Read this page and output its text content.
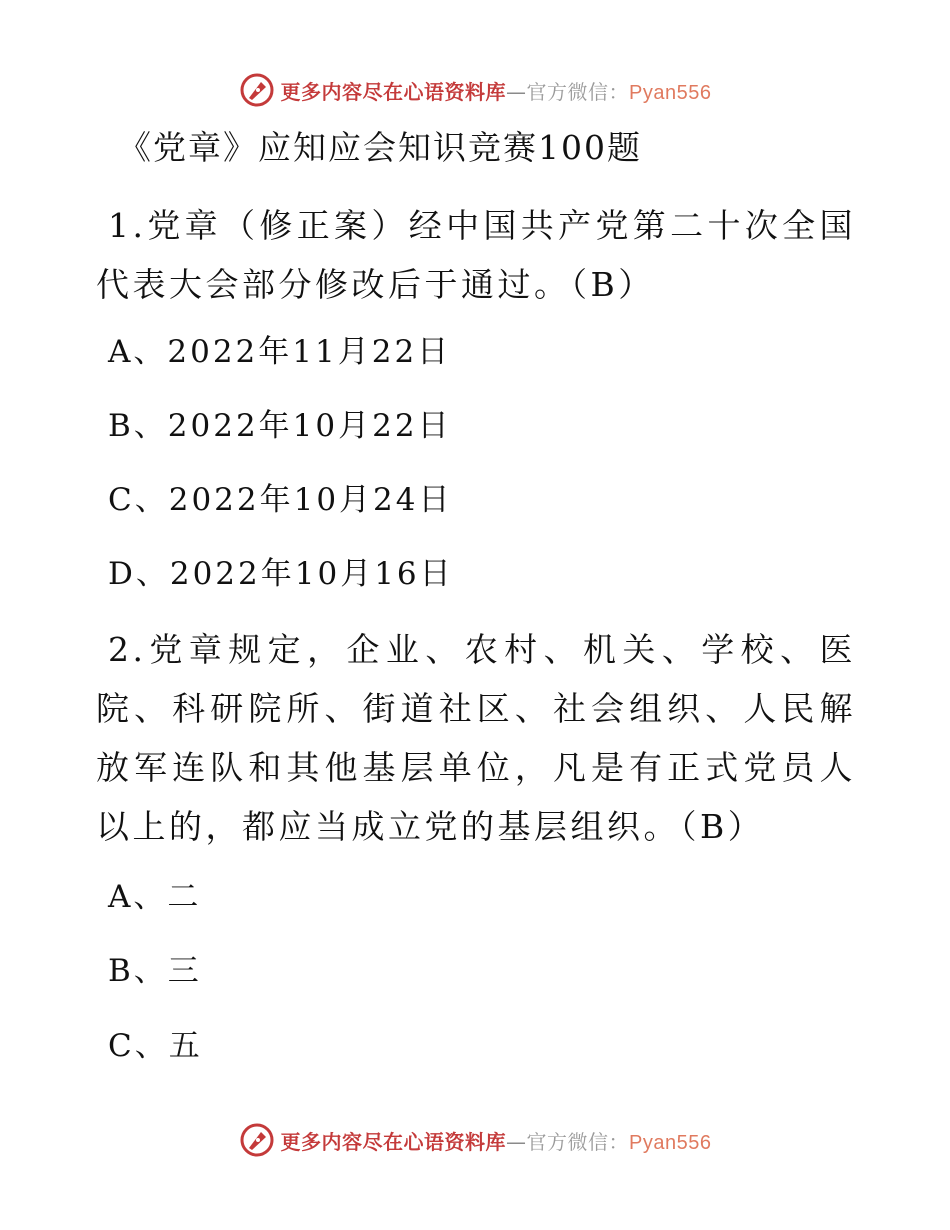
更多内容尽在心语资料库—官方微信：Pyan556
《党章》应知应会知识竞赛100题
1.党章（修正案）经中国共产党第二十次全国代表大会部分修改后于通过。（B）
A、2022年11月22日
B、2022年10月22日
C、2022年10月24日
D、2022年10月16日
2.党章规定，企业、农村、机关、学校、医院、科研院所、街道社区、社会组织、人民解放军连队和其他基层单位，凡是有正式党员人以上的，都应当成立党的基层组织。（B）
A、二
B、三
C、五
更多内容尽在心语资料库—官方微信：Pyan556
